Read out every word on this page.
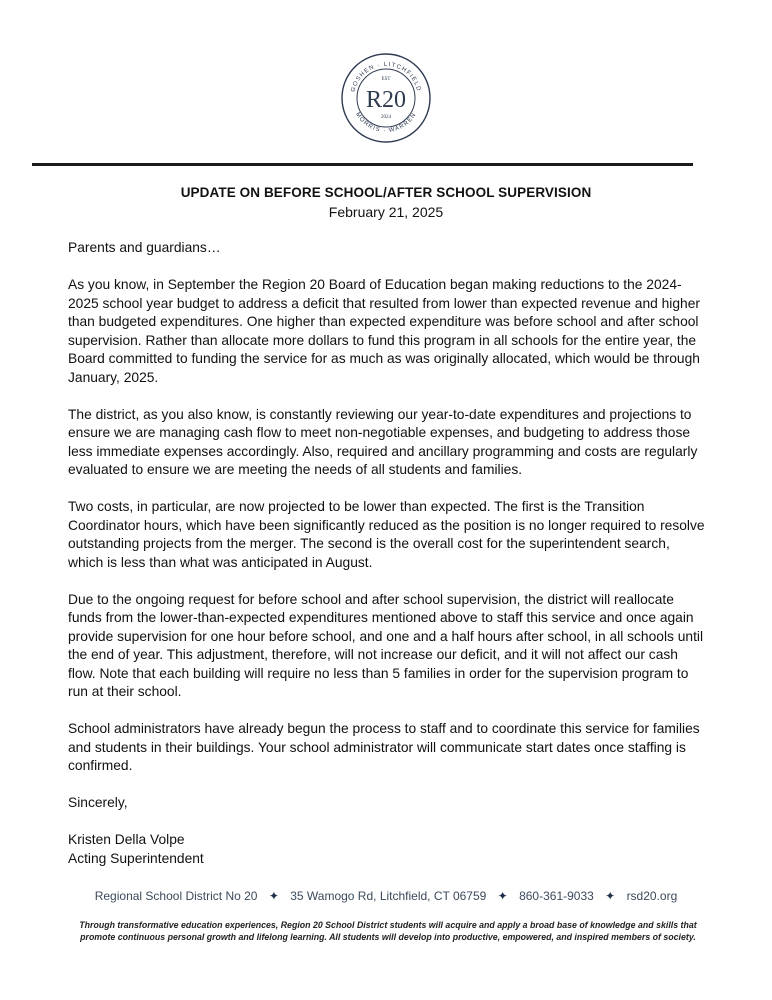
GOSHEN · LITCHFIELD
MORRIS · WARREN
EST
R20
2024
UPDATE ON BEFORE SCHOOL/AFTER SCHOOL SUPERVISION
February 21, 2025

Parents and guardians…

As you know, in September the Region 20 Board of Education began making reductions to the 2024-2025 school year budget to address a deficit that resulted from lower than expected revenue and higher than budgeted expenditures. One higher than expected expenditure was before school and after school supervision. Rather than allocate more dollars to fund this program in all schools for the entire year, the Board committed to funding the service for as much as was originally allocated, which would be through January, 2025.

The district, as you also know, is constantly reviewing our year-to-date expenditures and projections to ensure we are managing cash flow to meet non-negotiable expenses, and budgeting to address those less immediate expenses accordingly. Also, required and ancillary programming and costs are regularly evaluated to ensure we are meeting the needs of all students and families.

Two costs, in particular, are now projected to be lower than expected. The first is the Transition Coordinator hours, which have been significantly reduced as the position is no longer required to resolve outstanding projects from the merger. The second is the overall cost for the superintendent search, which is less than what was anticipated in August.

Due to the ongoing request for before school and after school supervision, the district will reallocate funds from the lower-than-expected expenditures mentioned above to staff this service and once again provide supervision for one hour before school, and one and a half hours after school, in all schools until the end of year. This adjustment, therefore, will not increase our deficit, and it will not affect our cash flow. Note that each building will require no less than 5 families in order for the supervision program to run at their school.

School administrators have already begun the process to staff and to coordinate this service for families and students in their buildings. Your school administrator will communicate start dates once staffing is confirmed.

Sincerely,

Kristen Della Volpe

Acting Superintendent

Regional School District No 20 ✦ 35 Wamogo Rd, Litchfield, CT 06759 ✦ 860-361-9033 ✦ rsd20.org
Through transformative education experiences, Region 20 School District students will acquire and apply a broad base of knowledge and skills that promote continuous personal growth and lifelong learning. All students will develop into productive, empowered, and inspired members of society.
